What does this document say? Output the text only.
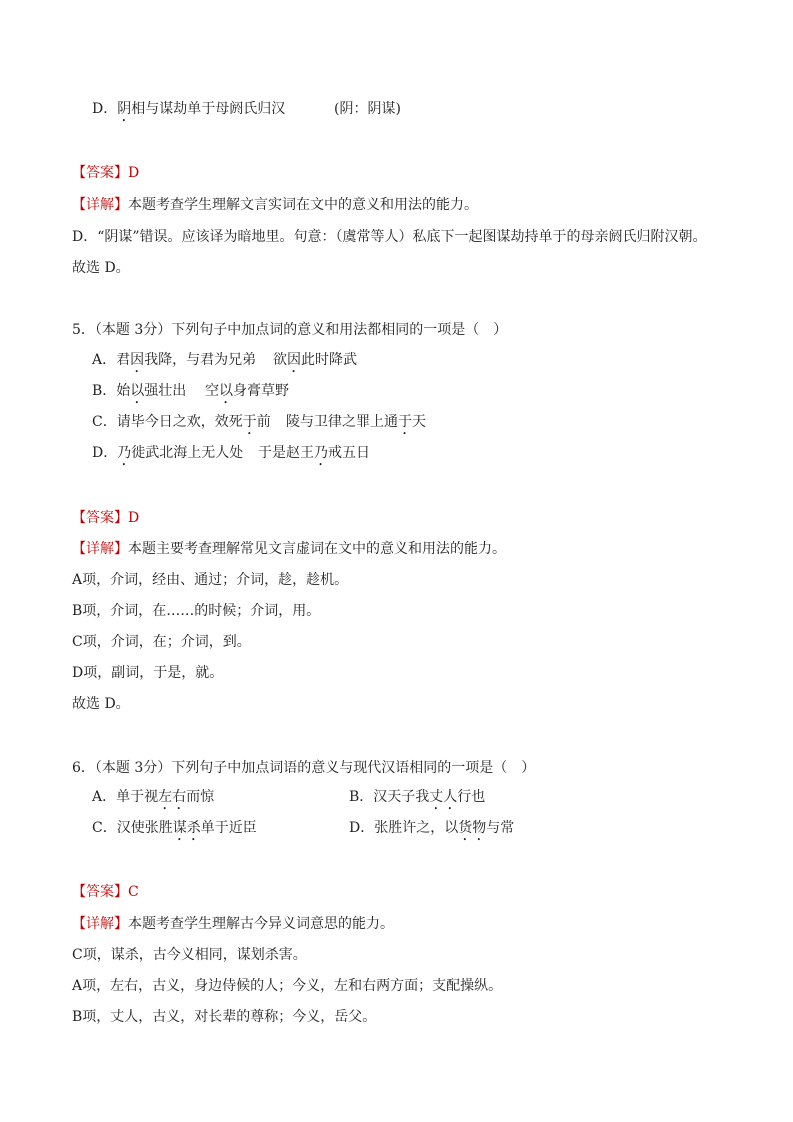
D．阴相与谋劫单于母阏氏归汉	(阴：阴谋)
【答案】D
【详解】本题考查学生理解文言实词在文中的意义和用法的能力。
D．“阴谋”错误。应该译为暗地里。句意：（虞常等人）私底下一起图谋劫持单于的母亲阏氏归附汉朝。
故选 D。
5．（本题 3分）下列句子中加点词的意义和用法都相同的一项是（　）
A．君因我降，与君为兄弟 欲因此时降武
B．始以强壮出 空以身膏草野
C．请毕今日之欢，效死于前 陵与卫律之罪上通于天
D．乃徙武北海上无人处 于是赵王乃戒五日
【答案】D
【详解】本题主要考查理解常见文言虚词在文中的意义和用法的能力。
A项，介词，经由、通过；介词，趁，趁机。
B项，介词，在……的时候；介词，用。
C项，介词，在；介词，到。
D项，副词，于是，就。
故选 D。
6．（本题 3分）下列句子中加点词语的意义与现代汉语相同的一项是（　）
A．单于视左右而惊	B．汉天子我丈人行也
C．汉使张胜谋杀单于近臣	D．张胜许之，以货物与常
【答案】C
【详解】本题考查学生理解古今异义词意思的能力。
C项，谋杀，古今义相同，谋划杀害。
A项，左右，古义，身边侍候的人；今义，左和右两方面；支配操纵。
B项，丈人，古义，对长辈的尊称；今义，岳父。
